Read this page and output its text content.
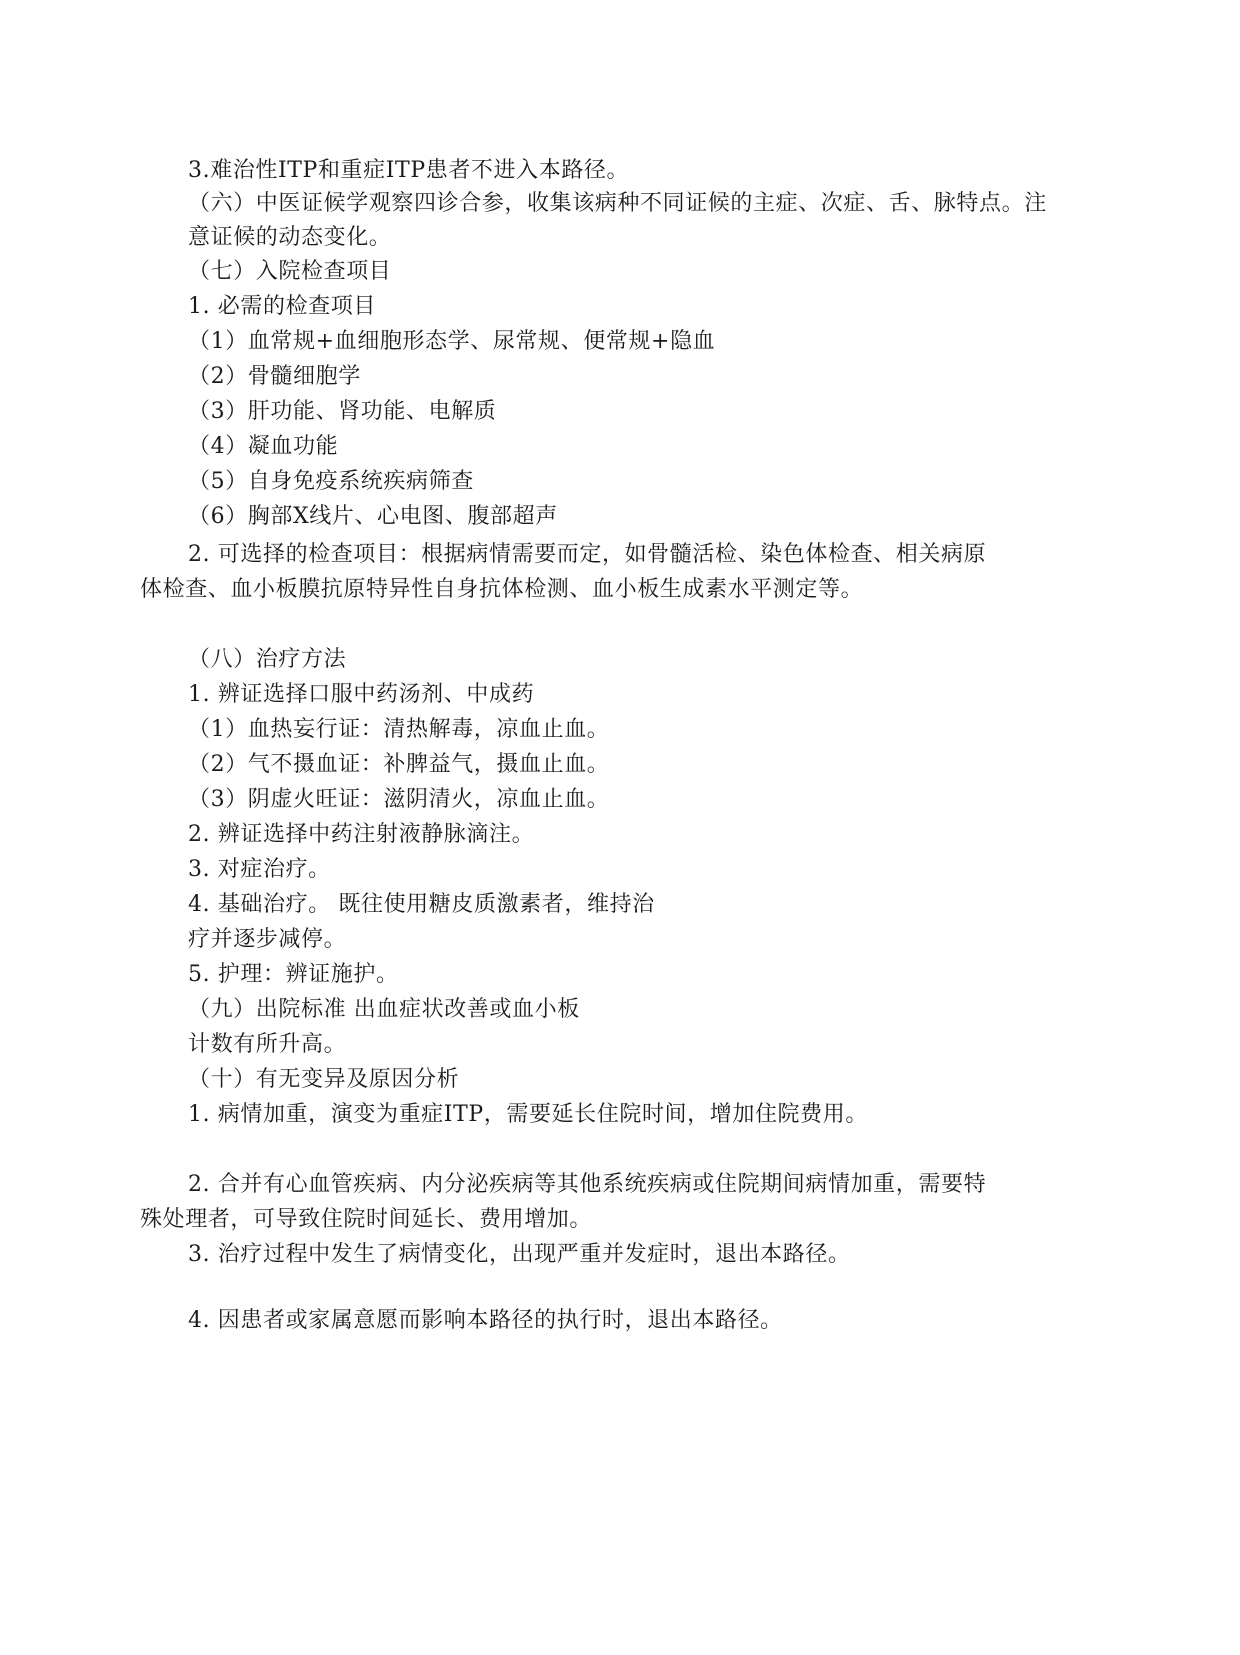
3.难治性ITP和重症ITP患者不进入本路径。
（六）中医证候学观察四诊合参，收集该病种不同证候的主症、次症、舌、脉特点。注
意证候的动态变化。
（七）入院检查项目
1. 必需的检查项目
（1）血常规+血细胞形态学、尿常规、便常规+隐血
（2）骨髓细胞学
（3）肝功能、肾功能、电解质
（4）凝血功能
（5）自身免疫系统疾病筛查
（6）胸部X线片、心电图、腹部超声
2. 可选择的检查项目：根据病情需要而定，如骨髓活检、染色体检查、相关病原
体检查、血小板膜抗原特异性自身抗体检测、血小板生成素水平测定等。
（八）治疗方法
1. 辨证选择口服中药汤剂、中成药
（1）血热妄行证：清热解毒，凉血止血。
（2）气不摄血证：补脾益气，摄血止血。
（3）阴虚火旺证：滋阴清火，凉血止血。
2. 辨证选择中药注射液静脉滴注。
3. 对症治疗。
4. 基础治疗。 既往使用糖皮质激素者，维持治
疗并逐步减停。
5. 护理：辨证施护。
（九）出院标准 出血症状改善或血小板
计数有所升高。
（十）有无变异及原因分析
1. 病情加重，演变为重症ITP，需要延长住院时间，增加住院费用。
2. 合并有心血管疾病、内分泌疾病等其他系统疾病或住院期间病情加重，需要特
殊处理者，可导致住院时间延长、费用增加。
3. 治疗过程中发生了病情变化，出现严重并发症时，退出本路径。
4. 因患者或家属意愿而影响本路径的执行时，退出本路径。
